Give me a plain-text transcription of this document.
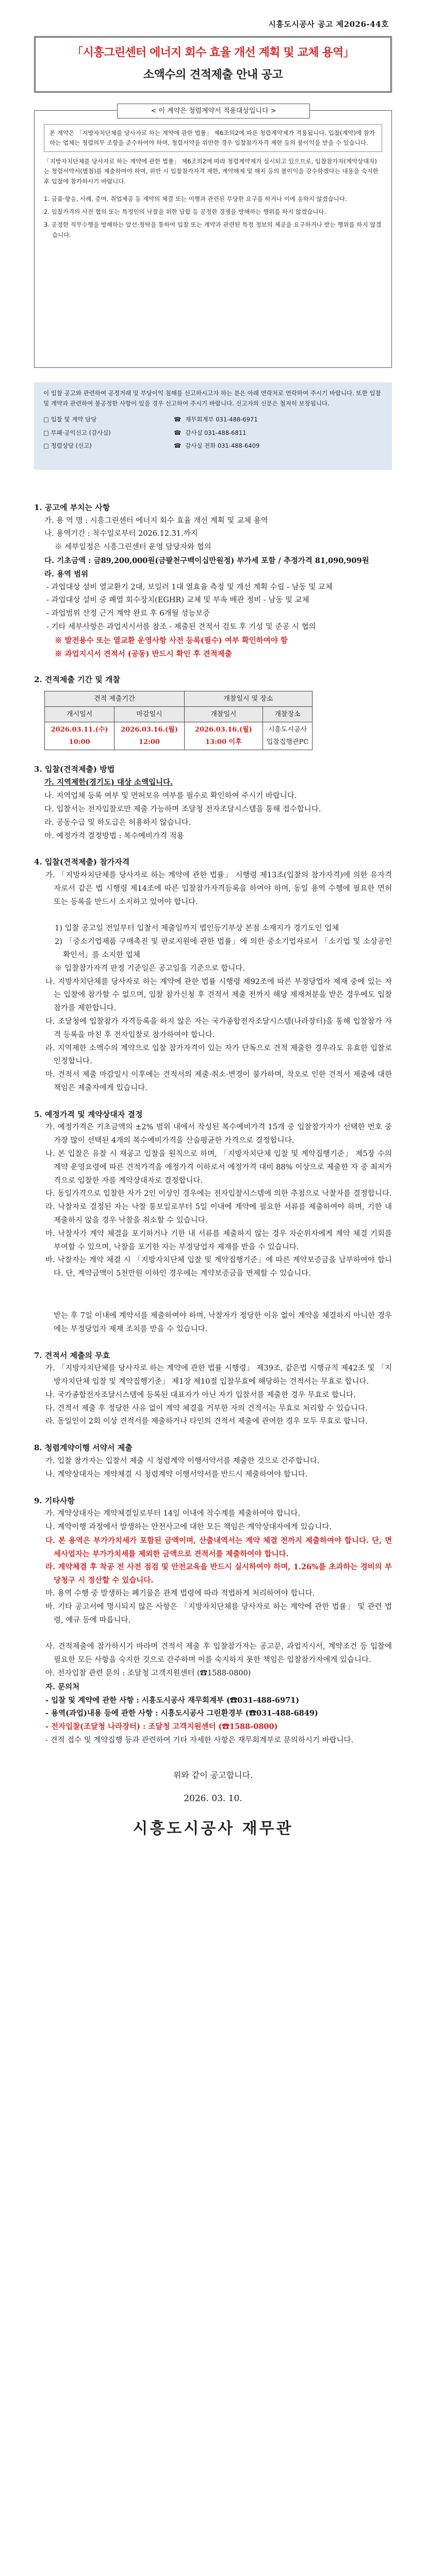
시흥도시공사 공고 제2026-44호
「시흥그린센터 에너지 회수 효율 개선 계획 및 교체 용역」
소액수의 견적제출 안내 공고
< 이 계약은 청렴계약서 적용대상입니다 >
본 계약은 「지방자치단체를 당사자로 하는 계약에 관한 법률」 제6조의2에 따른 청렴계약제가 적용됩니다. 입찰(계약)에 참가하는 업체는 청렴의무 조항을 준수하여야 하며, 청렴서약을 위반한 경우 입찰참가자격 제한 등의 불이익을 받을 수 있습니다.

「지방자치단체를 당사자로 하는 계약에 관한 법률」 제6조의2에 따라 청렴계약제가 실시되고 있으므로, 입찰참가자(계약상대자)는 청렴서약서(별첨)를 제출하여야 하며, 위반 시 입찰참가자격 제한, 계약해제 및 해지 등의 불이익을 감수하겠다는 내용을 숙지한 후 입찰에 참가하시기 바랍니다.

1. 금품·향응, 사례, 증여, 취업제공 등 계약의 체결 또는 이행과 관련된 부당한 요구를 하거나 이에 응하지 않겠습니다.
2. 입찰가격의 사전 협의 또는 특정인의 낙찰을 위한 담합 등 공정한 경쟁을 방해하는 행위를 하지 않겠습니다.
3. 공정한 직무수행을 방해하는 알선·청탁을 통하여 입찰 또는 계약과 관련된 특정 정보의 제공을 요구하거나 받는 행위를 하지 않겠습니다.
이 입찰 공고와 관련하여 공정거래 및 부당이익 침해를 신고하시고자 하는 분은 아래 연락처로 연락하여 주시기 바랍니다. 또한 입찰 및 계약과 관련하여 불공정한 사항이 있을 경우 신고하여 주시기 바랍니다. 신고자의 신분은 철저히 보장됩니다.
□ 입찰 및 계약 담당	☎ 재무회계부 031-488-6971
□ 부패·공익신고 (감사실)	☎ 감사실 031-488-6811
□ 청렴상담 (신고)	☎ 감사실 전화 031-488-6409
1. 공고에 부치는 사항
가. 용 역 명 : 시흥그린센터 에너지 회수 효율 개선 계획 및 교체 용역
나. 용역기간 : 착수일로부터 2026.12.31.까지
※ 세부일정은 시흥그린센터 운영 담당자와 협의
다. 기초금액 : 금89,200,000원(금팔천구백이십만원정) 부가세 포함 / 추정가격 81,090,909원
라. 용역 범위
- 과업대상 설비 열교환기 2대, 보일러 1대 열효율 측정 및 개선 계획 수립 - 남동 및 교체
- 과업대상 설비 중 폐열 회수장치(EGHR) 교체 및 부속 배관 정비 - 남동 및 교체
- 과업범위 산정 근거 계약 완료 후 6개월 성능보증
- 기타 세부사항은 과업지시서를 참조 - 제출된 견적서 검토 후 기성 및 준공 시 협의
※ 발전용수 또는 열교환 운영사항 사전 등록(필수) 여부 확인하여야 함
※ 과업지시서 견적서 (공동) 반드시 확인 후 견적제출
2. 견적제출 기간 및 개찰
견적 제출기간		개찰일시 및 장소	
개시일시	마감일시	개찰일시	개찰장소
2026.03.11.(수) 10:00	2026.03.16.(월) 12:00	2026.03.16.(월) 13:00 이후	시흥도시공사 입찰집행관PC
3. 입찰(견적제출) 방법
가. 지역제한(경기도) 대상 소액입니다.
나. 지역업체 등록 여부 및 면허보유 여부를 필수로 확인하여 주시기 바랍니다.
다. 입찰서는 전자입찰로만 제출 가능하며 조달청 전자조달시스템을 통해 접수합니다.
라. 공동수급 및 하도급은 허용하지 않습니다.
마. 예정가격 결정방법 : 복수예비가격 적용
4. 입찰(견적제출) 참가자격
가. 「지방자치단체를 당사자로 하는 계약에 관한 법률」 시행령 제13조(입찰의 참가자격)에 의한 유자격자로서 같은 법 시행령 제14조에 따른 입찰참가자격등록을 하여야 하며, 동일 용역 수행에 필요한 면허 또는 등록을 반드시 소지하고 있어야 합니다.
1) 입찰 공고일 전일부터 입찰서 제출일까지 법인등기부상 본점 소재지가 경기도인 업체
2) 「중소기업제품 구매촉진 및 판로지원에 관한 법률」에 의한 중소기업자로서 「소기업 및 소상공인 확인서」를 소지한 업체
※ 입찰참가자격 판정 기준일은 공고일을 기준으로 합니다.
나. 지방자치단체를 당사자로 하는 계약에 관한 법률 시행령 제92조에 따른 부정당업자 제재 중에 있는 자는 입찰에 참가할 수 없으며, 입찰 참가신청 후 견적서 제출 전까지 해당 제재처분을 받은 경우에도 입찰 참가를 제한합니다.
다. 조달청에 입찰참가 자격등록을 하지 않은 자는 국가종합전자조달시스템(나라장터)을 통해 입찰참가 자격 등록을 마친 후 전자입찰로 참가하여야 합니다.
라. 지역제한 소액수의 계약으로 입찰 참가자격이 있는 자가 단독으로 견적 제출한 경우라도 유효한 입찰로 인정합니다.
마. 견적서 제출 마감일시 이후에는 견적서의 제출·취소·변경이 불가하며, 착오로 인한 견적서 제출에 대한 책임은 제출자에게 있습니다.
5. 예정가격 및 계약상대자 결정
가. 예정가격은 기초금액의 ±2% 범위 내에서 작성된 복수예비가격 15개 중 입찰참가자가 선택한 번호 중 가장 많이 선택된 4개의 복수예비가격을 산술평균한 가격으로 결정합니다.
나. 본 입찰은 유찰 시 재공고 입찰을 원칙으로 하며, 「지방자치단체 입찰 및 계약집행기준」 제5장 수의계약 운영요령에 따른 견적가격을 예정가격 이하로서 예정가격 대비 88% 이상으로 제출한 자 중 최저가격으로 입찰한 자를 계약상대자로 결정합니다.
다. 동일가격으로 입찰한 자가 2인 이상인 경우에는 전자입찰시스템에 의한 추첨으로 낙찰자를 결정합니다.
라. 낙찰자로 결정된 자는 낙찰 통보일로부터 5일 이내에 계약에 필요한 서류를 제출하여야 하며, 기한 내 제출하지 않을 경우 낙찰을 취소할 수 있습니다.
마. 낙찰자가 계약 체결을 포기하거나 기한 내 서류를 제출하지 않는 경우 차순위자에게 계약 체결 기회를 부여할 수 있으며, 낙찰을 포기한 자는 부정당업자 제재를 받을 수 있습니다.
바. 낙찰자는 계약 체결 시 「지방자치단체 입찰 및 계약집행기준」에 따른 계약보증금을 납부하여야 합니다. 단, 계약금액이 5천만원 이하인 경우에는 계약보증금을 면제할 수 있습니다.
받는 후 7일 이내에 계약서를 제출하여야 하며, 낙찰자가 정당한 이유 없이 계약을 체결하지 아니한 경우에는 부정당업자 제재 조치를 받을 수 있습니다.
7. 견적서 제출의 무효
가. 「지방자치단체를 당사자로 하는 계약에 관한 법률 시행령」 제39조, 같은법 시행규칙 제42조 및 「지방자치단체 입찰 및 계약집행기준」 제1장 제10절 입찰무효에 해당하는 견적서는 무효로 합니다.
나. 국가종합전자조달시스템에 등록된 대표자가 아닌 자가 입찰서를 제출한 경우 무효로 합니다.
다. 견적서 제출 후 정당한 사유 없이 계약 체결을 거부한 자의 견적서는 무효로 처리할 수 있습니다.
라. 동일인이 2회 이상 견적서를 제출하거나 타인의 견적서 제출에 관여한 경우 모두 무효로 합니다.
8. 청렴계약이행 서약서 제출
가. 입찰 참가자는 입찰서 제출 시 청렴계약 이행서약서를 제출한 것으로 간주합니다.
나. 계약상대자는 계약체결 시 청렴계약 이행서약서를 반드시 제출하여야 합니다.
9. 기타사항
가. 계약상대자는 계약체결일로부터 14일 이내에 착수계를 제출하여야 합니다.
나. 계약이행 과정에서 발생하는 안전사고에 대한 모든 책임은 계약상대자에게 있습니다.
다. 본 용역은 부가가치세가 포함된 금액이며, 산출내역서는 계약 체결 전까지 제출하여야 합니다. 단, 면세사업자는 부가가치세를 제외한 금액으로 견적서를 제출하여야 합니다.
라. 계약체결 후 착공 전 사전 점검 및 안전교육을 반드시 실시하여야 하며, 1.26%를 초과하는 경비의 부당청구 시 정산할 수 있습니다.
마. 용역 수행 중 발생하는 폐기물은 관계 법령에 따라 적법하게 처리하여야 합니다.
바. 기타 공고서에 명시되지 않은 사항은 「지방자치단체를 당사자로 하는 계약에 관한 법률」 및 관련 법령, 예규 등에 따릅니다.
사. 견적제출에 참가하시기 바라며 견적서 제출 후 입찰참가자는 공고문, 과업지시서, 계약조건 등 입찰에 필요한 모든 사항을 숙지한 것으로 간주하며 이를 숙지하지 못한 책임은 입찰참가자에게 있습니다.
아. 전자입찰 관련 문의 : 조달청 고객지원센터 (☎1588-0800)
자. 문의처
- 입찰 및 계약에 관한 사항 : 시흥도시공사 재무회계부 (☎031-488-6971)
- 용역(과업)내용 등에 관한 사항 : 시흥도시공사 그린환경부 (☎031-488-6849)
- 전자입찰(조달청 나라장터) : 조달청 고객지원센터 (☎1588-0800)
- 견적 접수 및 계약집행 등과 관련하여 기타 자세한 사항은 재무회계부로 문의하시기 바랍니다.
위와 같이 공고합니다.
2026. 03. 10.
시흥도시공사 재무관
